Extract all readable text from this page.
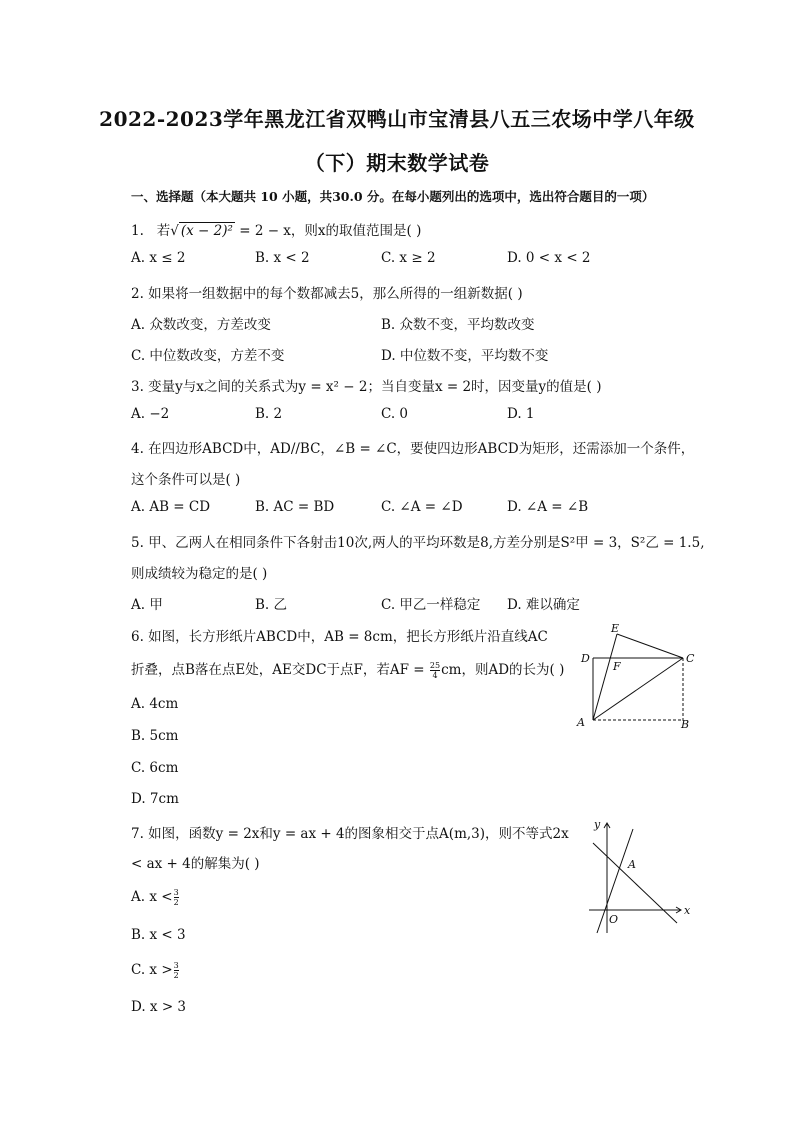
2022-2023学年黑龙江省双鸭山市宝清县八五三农场中学八年级
（下）期末数学试卷
一、选择题（本大题共 10 小题，共30.0 分。在每小题列出的选项中，选出符合题目的一项）
1. 若√ (x − 2)² = 2 − x，则x的取值范围是( )
A. x ≤ 2	B. x < 2	C. x ≥ 2	D. 0 < x < 2
2. 如果将一组数据中的每个数都减去5，那么所得的一组新数据( )
A. 众数改变，方差改变	B. 众数不变，平均数改变
C. 中位数改变，方差不变	D. 中位数不变，平均数不变
3. 变量y与x之间的关系式为y = x² − 2；当自变量x = 2时，因变量y的值是( )
A. −2	B. 2	C. 0	D. 1
4. 在四边形ABCD中，AD//BC，∠B = ∠C，要使四边形ABCD为矩形，还需添加一个条件，
这个条件可以是( )
A. AB = CD	B. AC = BD	C. ∠A = ∠D	D. ∠A = ∠B
5. 甲、乙两人在相同条件下各射击10次,两人的平均环数是8,方差分别是S²甲 = 3，S²乙 = 1.5,
则成绩较为稳定的是( )
A. 甲	B. 乙	C. 甲乙一样稳定 D. 难以确定
6. 如图，长方形纸片ABCD中，AB = 8cm，把长方形纸片沿直线AC
折叠，点B落在点E处，AE交DC于点F，若AF = $\frac{25}{4}$ cm，则AD的长为( )
A. 4cm
B. 5cm
C. 6cm
D. 7cm
E
D
F
C
A	B
7. 如图，函数y = 2x和y = ax + 4的图象相交于点A(m,3)，则不等式2x
< ax + 4的解集为( )
A. $x < \frac{3}{2}$
B. x < 3
C. $x > \frac{3}{2}$
D. x > 3
y
x
O
A
